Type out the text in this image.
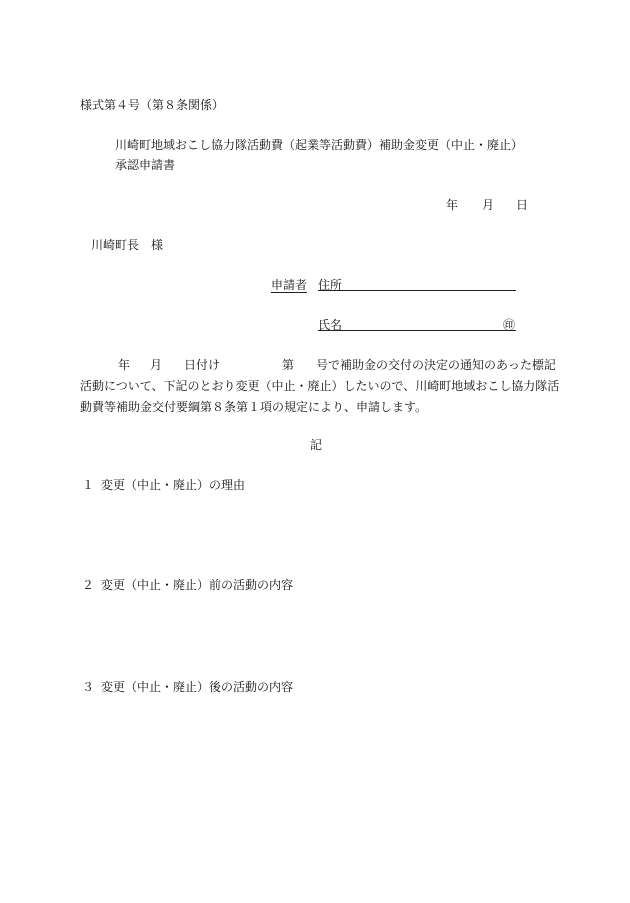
様式第４号（第８条関係）
川崎町地域おこし協力隊活動費（起業等活動費）補助金変更（中止・廃止）
承認申請書
年 月 日
川崎町長　様
申請者 住所
氏名	㊞
年 月 日付け	第 号で補助金の交付の決定の通知のあった標記
活動について、下記のとおり変更（中止・廃止）したいので、川崎町地域おこし協力隊活
動費等補助金交付要綱第８条第１項の規定により、申請します。
記
１ 変更（中止・廃止）の理由
２ 変更（中止・廃止）前の活動の内容
３ 変更（中止・廃止）後の活動の内容
